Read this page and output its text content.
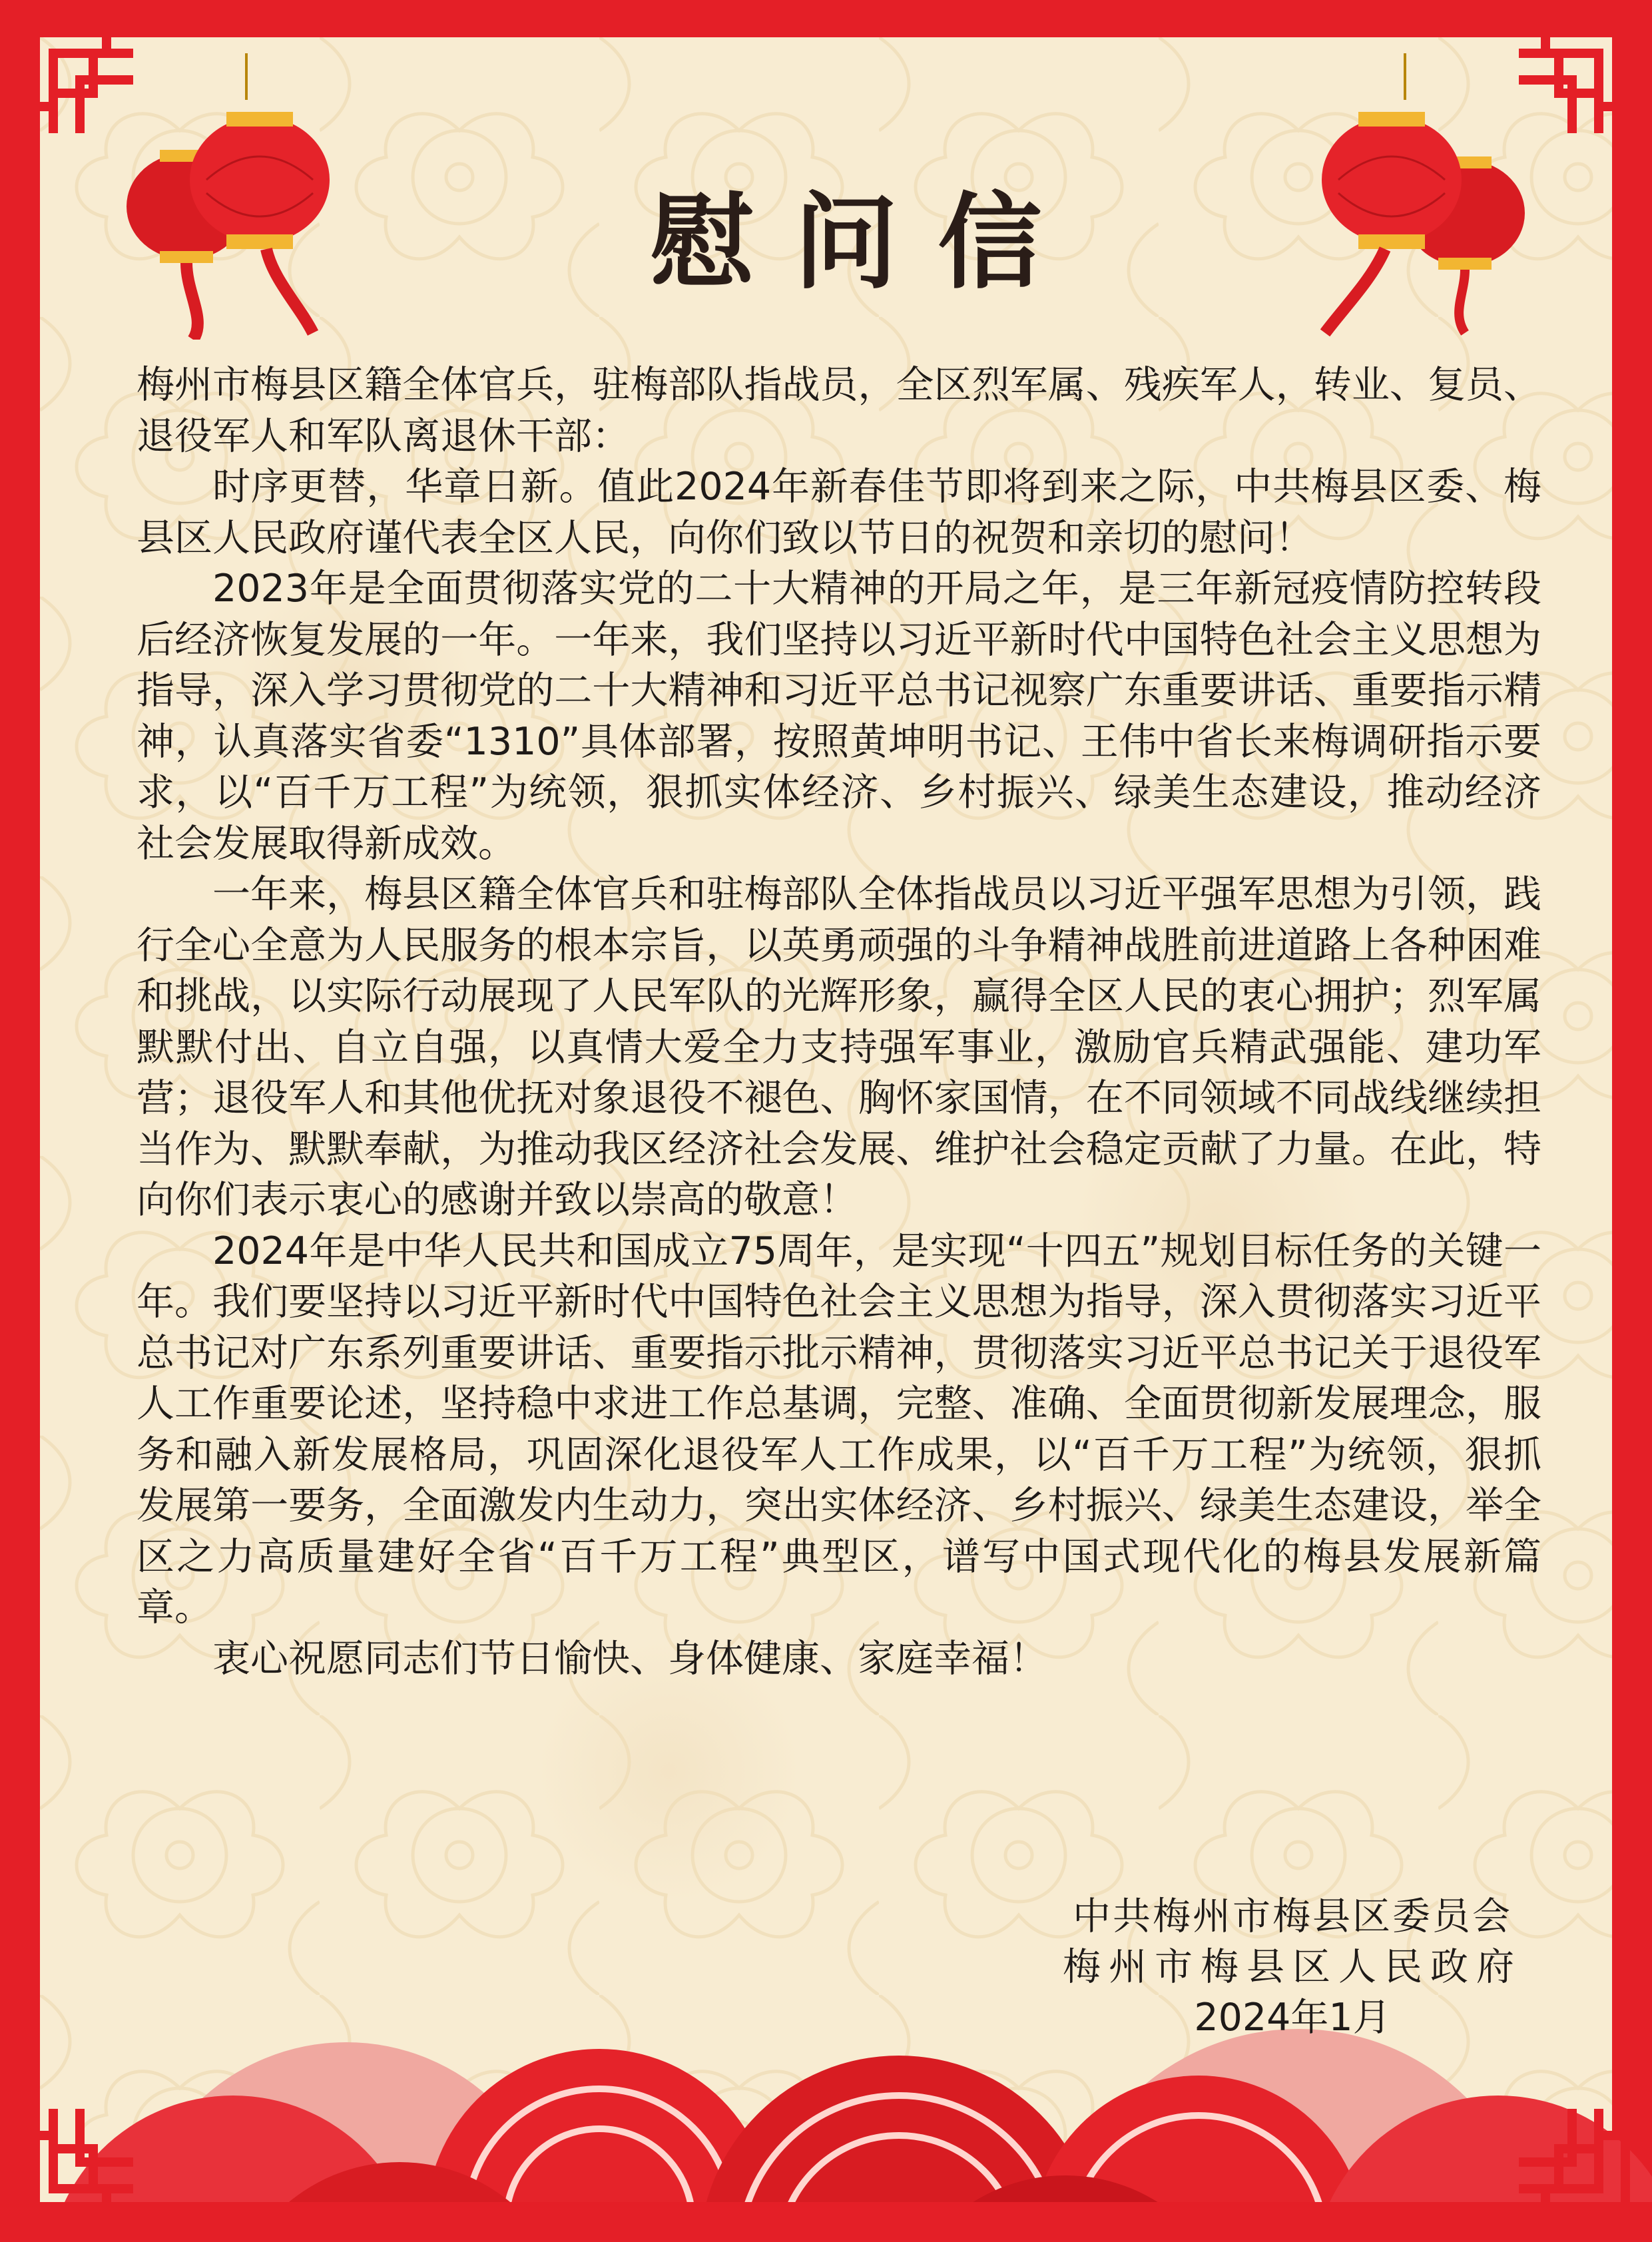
慰问信

梅州市梅县区籍全体官兵，驻梅部队指战员，全区烈军属、残疾军人，转业、复员、退役军人和军队离退休干部：

时序更替，华章日新。值此2024年新春佳节即将到来之际，中共梅县区委、梅县区人民政府谨代表全区人民，向你们致以节日的祝贺和亲切的慰问！

2023年是全面贯彻落实党的二十大精神的开局之年，是三年新冠疫情防控转段后经济恢复发展的一年。一年来，我们坚持以习近平新时代中国特色社会主义思想为指导，深入学习贯彻党的二十大精神和习近平总书记视察广东重要讲话、重要指示精神，认真落实省委“1310”具体部署，按照黄坤明书记、王伟中省长来梅调研指示要求，以“百千万工程”为统领，狠抓实体经济、乡村振兴、绿美生态建设，推动经济社会发展取得新成效。

一年来，梅县区籍全体官兵和驻梅部队全体指战员以习近平强军思想为引领，践行全心全意为人民服务的根本宗旨，以英勇顽强的斗争精神战胜前进道路上各种困难和挑战，以实际行动展现了人民军队的光辉形象，赢得全区人民的衷心拥护；烈军属默默付出、自立自强，以真情大爱全力支持强军事业，激励官兵精武强能、建功军营；退役军人和其他优抚对象退役不褪色、胸怀家国情，在不同领域不同战线继续担当作为、默默奉献，为推动我区经济社会发展、维护社会稳定贡献了力量。在此，特向你们表示衷心的感谢并致以崇高的敬意！

2024年是中华人民共和国成立75周年，是实现“十四五”规划目标任务的关键一年。我们要坚持以习近平新时代中国特色社会主义思想为指导，深入贯彻落实习近平总书记对广东系列重要讲话、重要指示批示精神，贯彻落实习近平总书记关于退役军人工作重要论述，坚持稳中求进工作总基调，完整、准确、全面贯彻新发展理念，服务和融入新发展格局，巩固深化退役军人工作成果，以“百千万工程”为统领，狠抓发展第一要务，全面激发内生动力，突出实体经济、乡村振兴、绿美生态建设，举全区之力高质量建好全省“百千万工程”典型区，谱写中国式现代化的梅县发展新篇章。

衷心祝愿同志们节日愉快、身体健康、家庭幸福！

中共梅州市梅县区委员会
梅州市梅县区人民政府
2024年1月
